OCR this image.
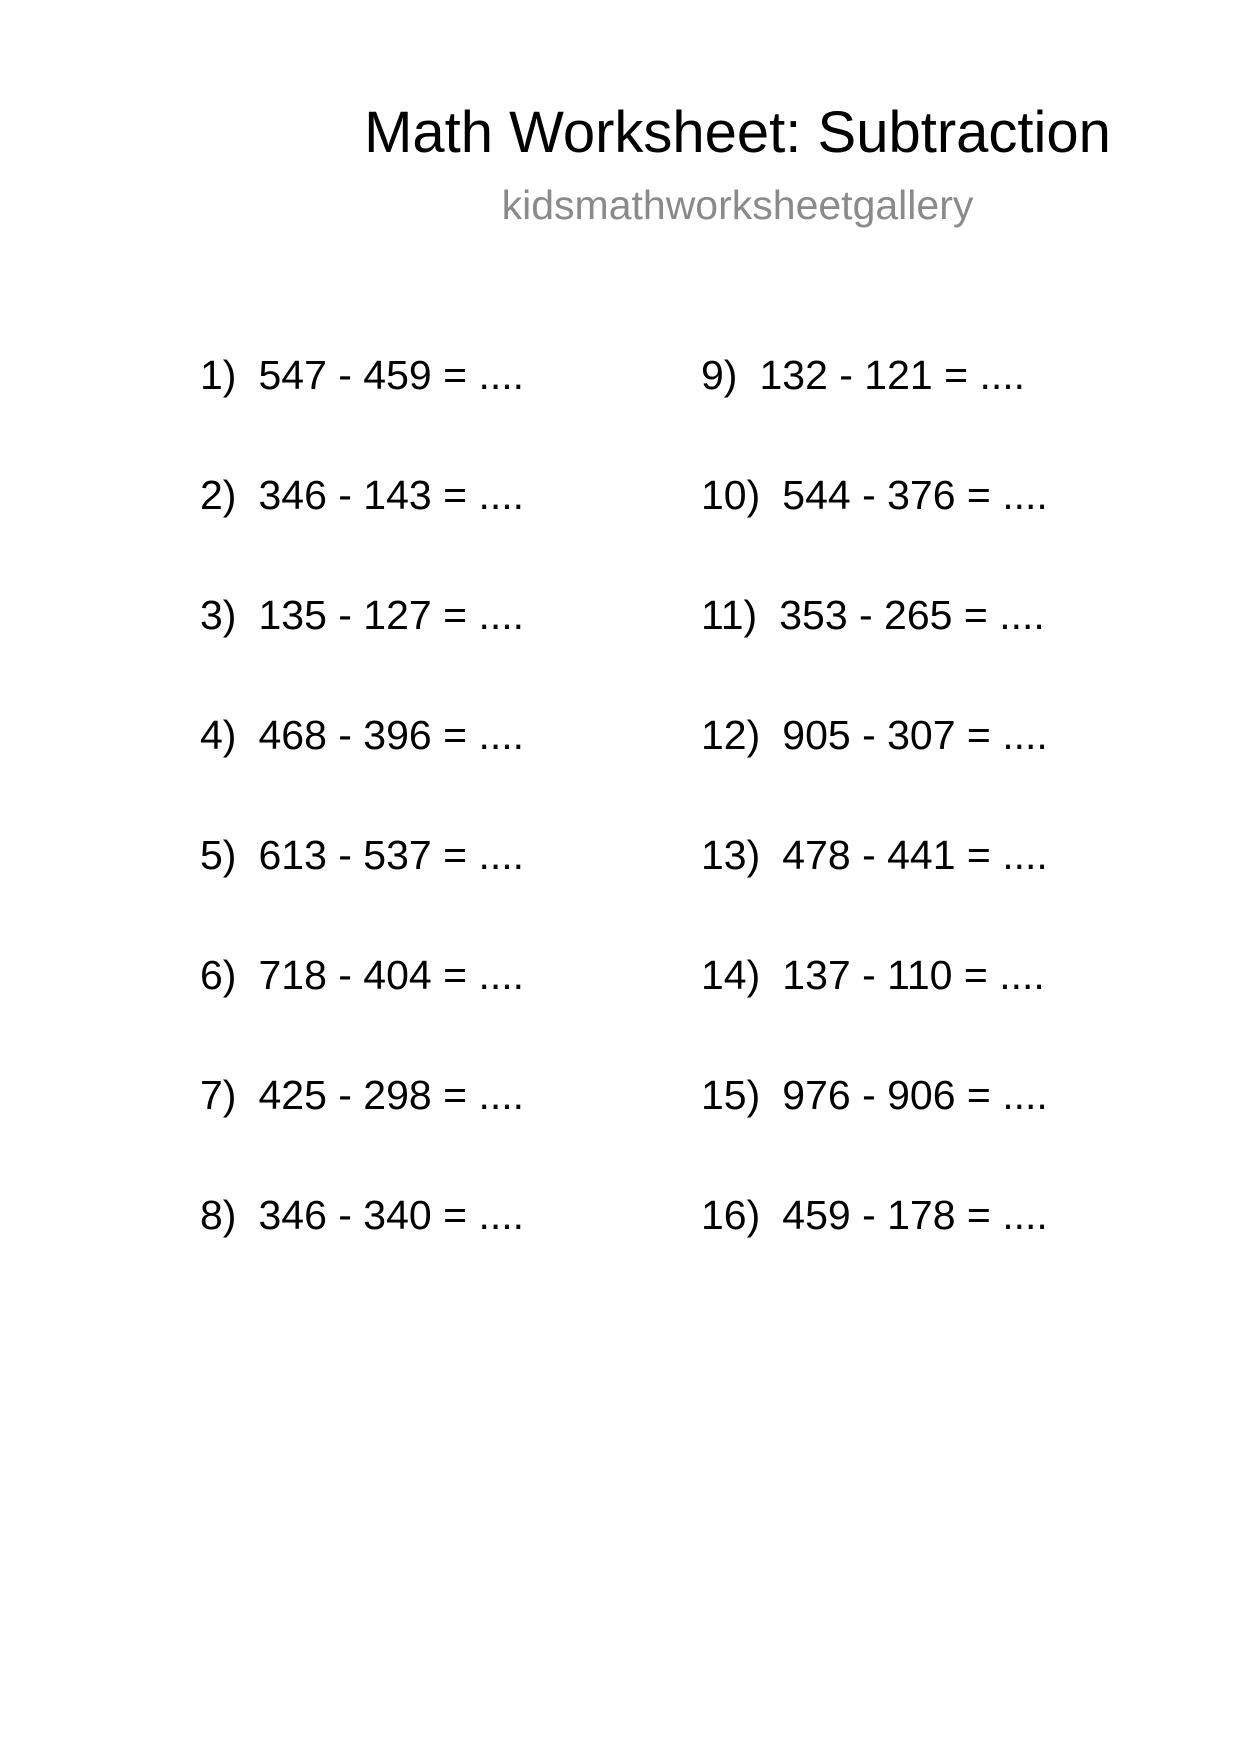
Math Worksheet: Subtraction
kidsmathworksheetgallery
1) 547 - 459 = ....
2) 346 - 143 = ....
3) 135 - 127 = ....
4) 468 - 396 = ....
5) 613 - 537 = ....
6) 718 - 404 = ....
7) 425 - 298 = ....
8) 346 - 340 = ....
9) 132 - 121 = ....
10) 544 - 376 = ....
11) 353 - 265 = ....
12) 905 - 307 = ....
13) 478 - 441 = ....
14) 137 - 110 = ....
15) 976 - 906 = ....
16) 459 - 178 = ....
